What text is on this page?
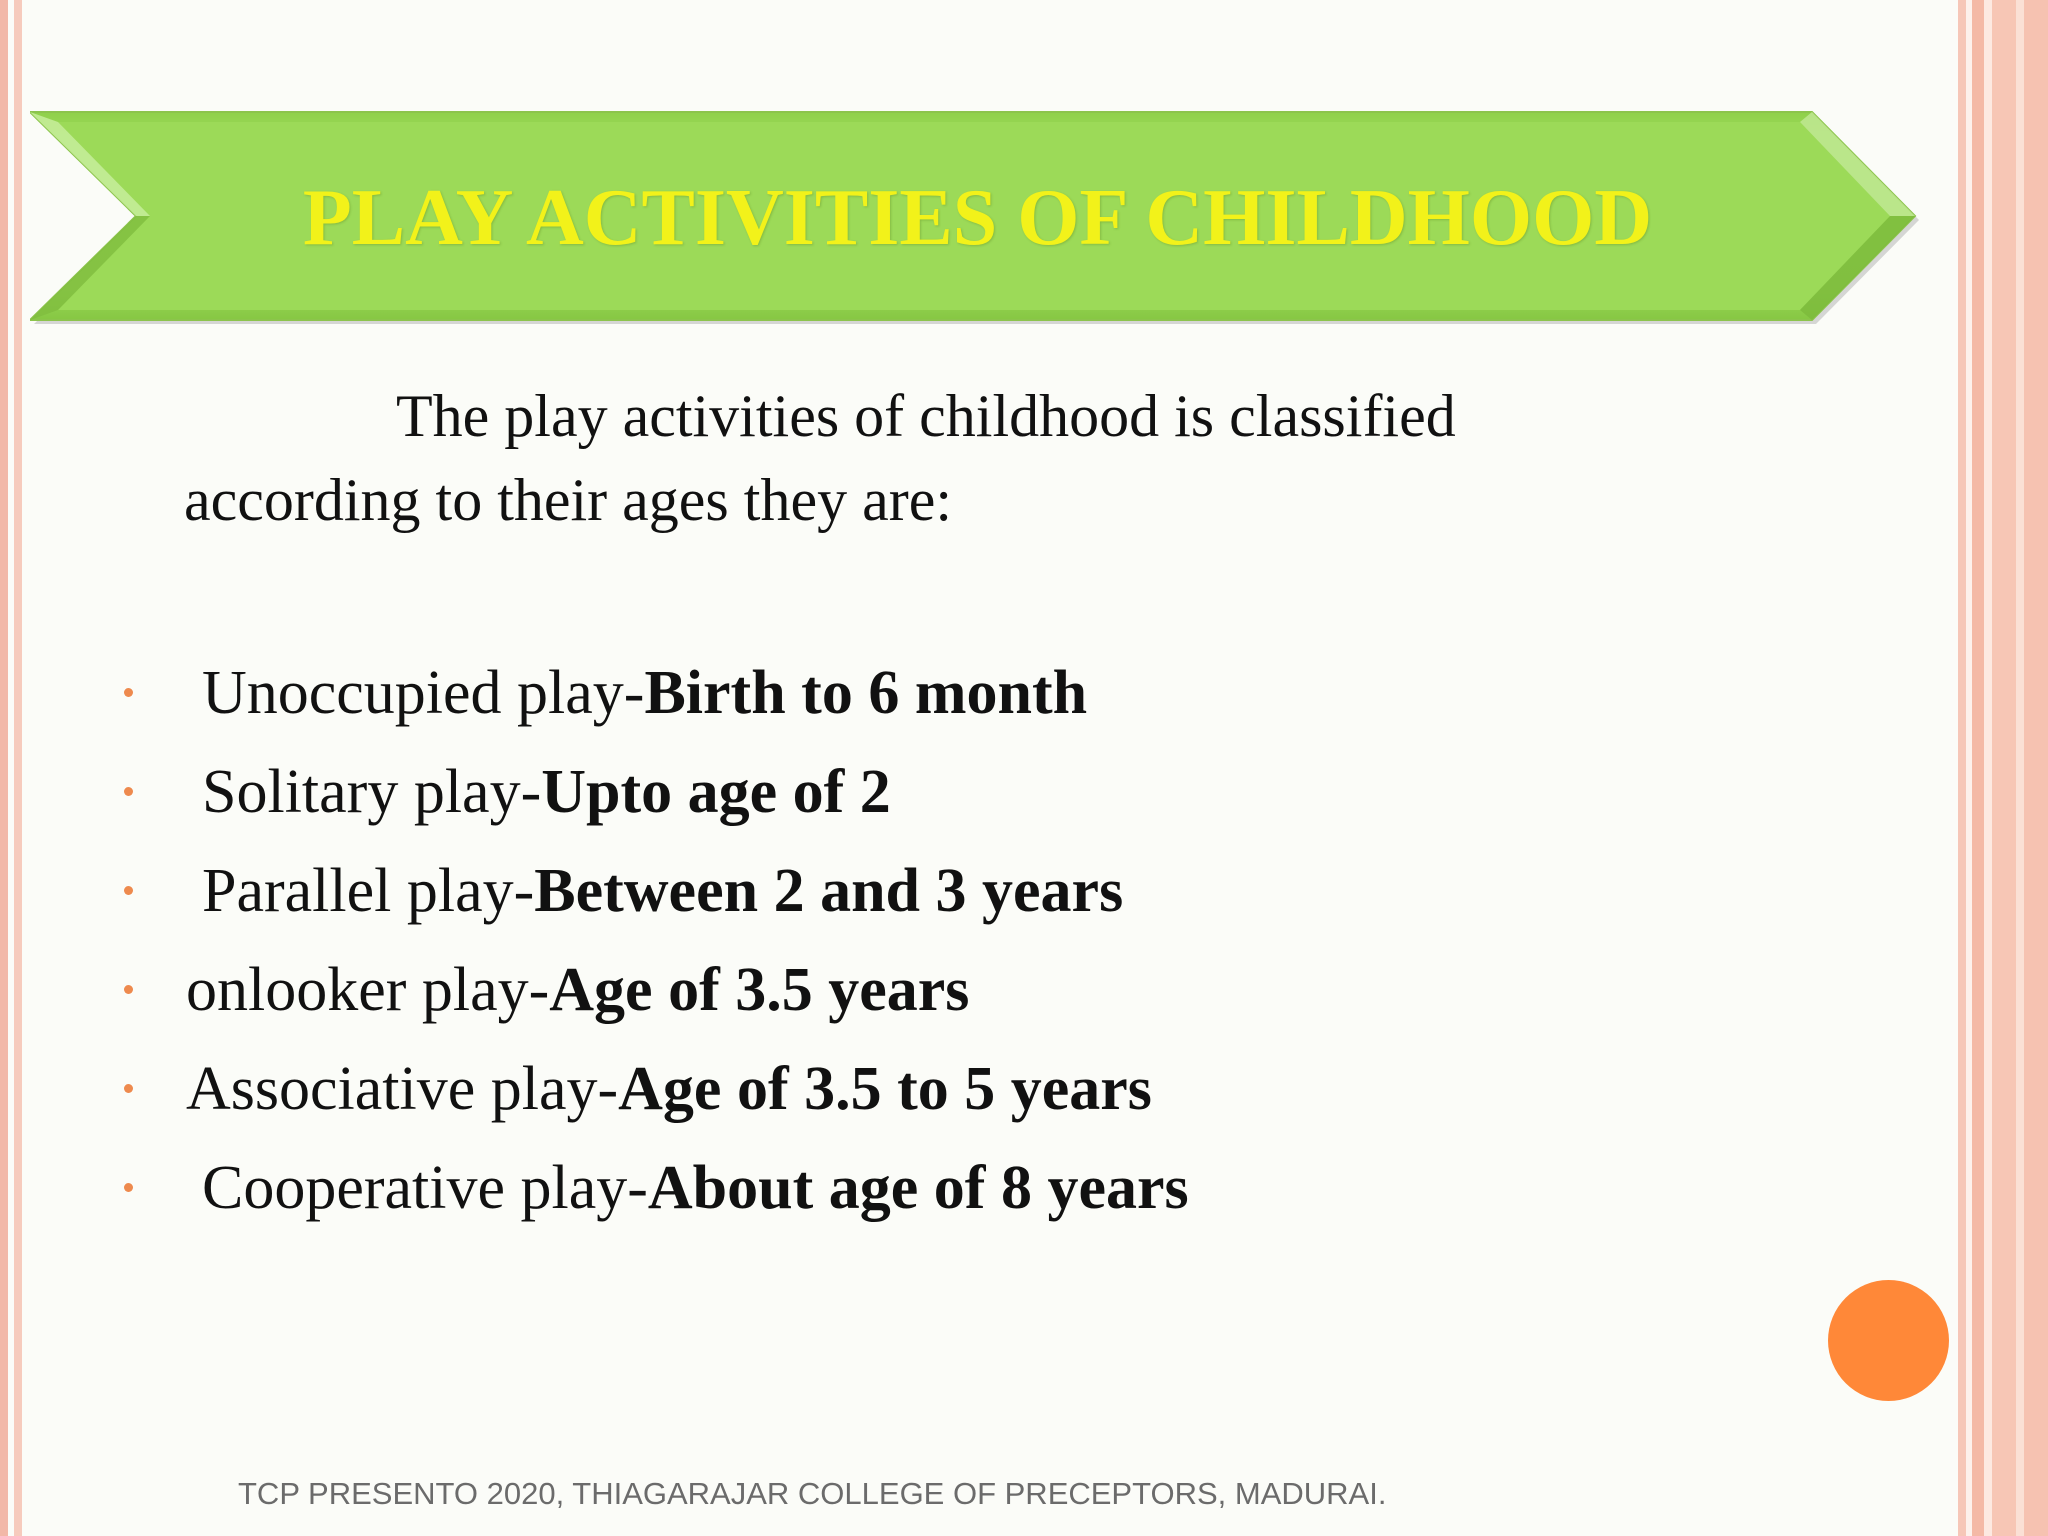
PLAY ACTIVITIES OF CHILDHOOD
The play activities of childhood is classified
according to their ages they are:
Unoccupied play-Birth to 6 month
Solitary play-Upto age of 2
Parallel play-Between 2 and 3 years
onlooker play-Age of 3.5 years
Associative play-Age of 3.5 to 5 years
Cooperative play-About age of 8 years
TCP PRESENTO 2020, THIAGARAJAR COLLEGE OF PRECEPTORS, MADURAI.
